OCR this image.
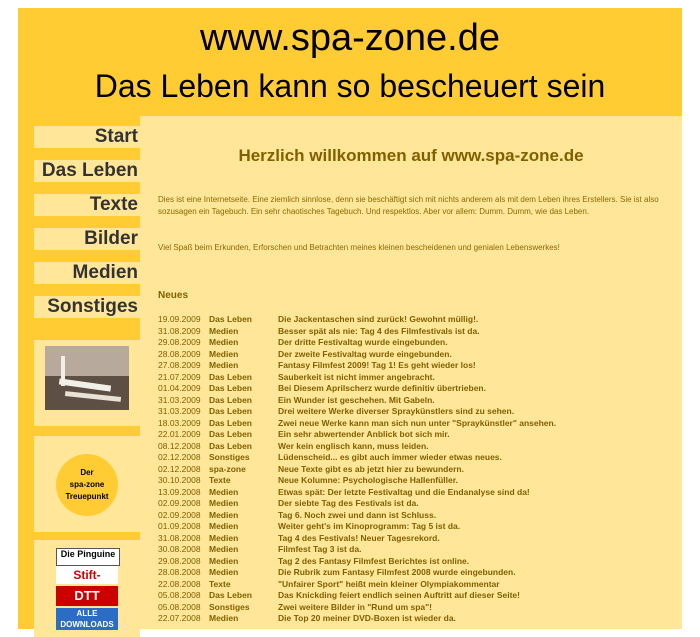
www.spa-zone.de
Das Leben kann so bescheuert sein
Start
Das Leben
Texte
Bilder
Medien
Sonstiges
Der
spa-zone
Treuepunkt
Die Pinguine
Stift-
DTT
ALLE DOWNLOADS
Herzlich willkommen auf www.spa-zone.de
Dies ist eine Internetseite. Eine ziemlich sinnlose, denn sie beschäftigt sich mit nichts anderem als mit dem Leben ihres Erstellers. Sie ist also sozusagen ein Tagebuch. Ein sehr chaotisches Tagebuch. Und respektlos. Aber vor allem: Dumm. Dumm, wie das Leben.
Viel Spaß beim Erkunden, Erforschen und Betrachten meines kleinen bescheidenen und genialen Lebenswerkes!
Neues
19.09.2009 Das Leben	Die Jackentaschen sind zurück! Gewohnt müllig!.
31.08.2009 Medien	Besser spät als nie: Tag 4 des Filmfestivals ist da.
29.08.2009 Medien	Der dritte Festivaltag wurde eingebunden.
28.08.2009 Medien	Der zweite Festivaltag wurde eingebunden.
27.08.2009 Medien	Fantasy Filmfest 2009! Tag 1! Es geht wieder los!
21.07.2009 Das Leben	Sauberkeit ist nicht immer angebracht.
01.04.2009 Das Leben	Bei Diesem Aprilscherz wurde definitiv übertrieben.
31.03.2009 Das Leben	Ein Wunder ist geschehen. Mit Gabeln.
31.03.2009 Das Leben	Drei weitere Werke diverser Spraykünstlers sind zu sehen.
18.03.2009 Das Leben	Zwei neue Werke kann man sich nun unter "Spraykünstler" ansehen.
22.01.2009 Das Leben	Ein sehr abwertender Anblick bot sich mir.
08.12.2008 Das Leben	Wer kein englisch kann, muss leiden.
02.12.2008 Sonstiges	Lüdenscheid... es gibt auch immer wieder etwas neues.
02.12.2008 spa-zone	Neue Texte gibt es ab jetzt hier zu bewundern.
30.10.2008 Texte	Neue Kolumne: Psychologische Hallenfüller.
13.09.2008 Medien	Etwas spät: Der letzte Festivaltag und die Endanalyse sind da!
02.09.2008 Medien	Der siebte Tag des Festivals ist da.
02.09.2008 Medien	Tag 6. Noch zwei und dann ist Schluss.
01.09.2008 Medien	Weiter geht's im Kinoprogramm: Tag 5 ist da.
31.08.2008 Medien	Tag 4 des Festivals! Neuer Tagesrekord.
30.08.2008 Medien	Filmfest Tag 3 ist da.
29.08.2008 Medien	Tag 2 des Fantasy Filmfest Berichtes ist online.
28.08.2008 Medien	Die Rubrik zum Fantasy Filmfest 2008 wurde eingebunden.
22.08.2008 Texte	"Unfairer Sport" heißt mein kleiner Olympiakommentar
05.08.2008 Das Leben	Das Knickding feiert endlich seinen Auftritt auf dieser Seite!
05.08.2008 Sonstiges	Zwei weitere Bilder in "Rund um spa"!
22.07.2008 Medien	Die Top 20 meiner DVD-Boxen ist wieder da.
